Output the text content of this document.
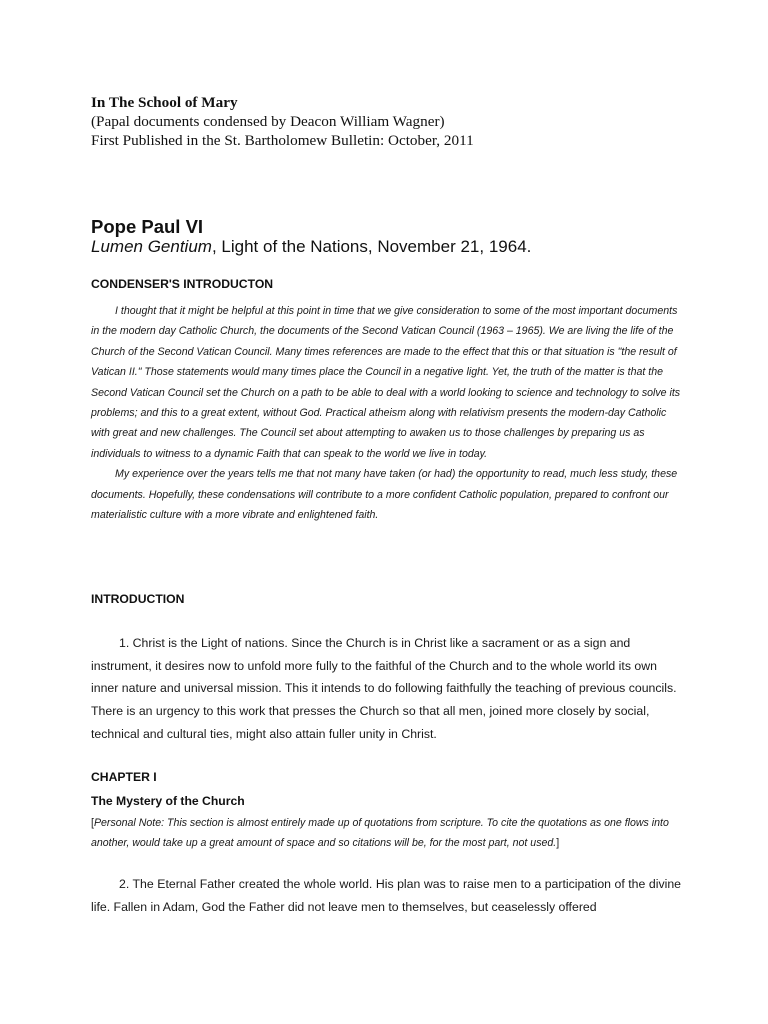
In The School of Mary
(Papal documents condensed by Deacon William Wagner)
First Published in the St. Bartholomew Bulletin: October, 2011
Pope Paul VI
Lumen Gentium, Light of the Nations, November 21, 1964.
CONDENSER'S INTRODUCTON

I thought that it might be helpful at this point in time that we give consideration to some of the most important documents in the modern day Catholic Church, the documents of the Second Vatican Council (1963 – 1965). We are living the life of the Church of the Second Vatican Council. Many times references are made to the effect that this or that situation is "the result of Vatican II." Those statements would many times place the Council in a negative light. Yet, the truth of the matter is that the Second Vatican Council set the Church on a path to be able to deal with a world looking to science and technology to solve its problems; and this to a great extent, without God. Practical atheism along with relativism presents the modern-day Catholic with great and new challenges. The Council set about attempting to awaken us to those challenges by preparing us as individuals to witness to a dynamic Faith that can speak to the world we live in today.

My experience over the years tells me that not many have taken (or had) the opportunity to read, much less study, these documents. Hopefully, these condensations will contribute to a more confident Catholic population, prepared to confront our materialistic culture with a more vibrate and enlightened faith.

INTRODUCTION

1. Christ is the Light of nations. Since the Church is in Christ like a sacrament or as a sign and instrument, it desires now to unfold more fully to the faithful of the Church and to the whole world its own inner nature and universal mission. This it intends to do following faithfully the teaching of previous councils. There is an urgency to this work that presses the Church so that all men, joined more closely by social, technical and cultural ties, might also attain fuller unity in Christ.

CHAPTER I
The Mystery of the Church
[Personal Note: This section is almost entirely made up of quotations from scripture. To cite the quotations as one flows into another, would take up a great amount of space and so citations will be, for the most part, not used.]

2. The Eternal Father created the whole world. His plan was to raise men to a participation of the divine life. Fallen in Adam, God the Father did not leave men to themselves, but ceaselessly offered
